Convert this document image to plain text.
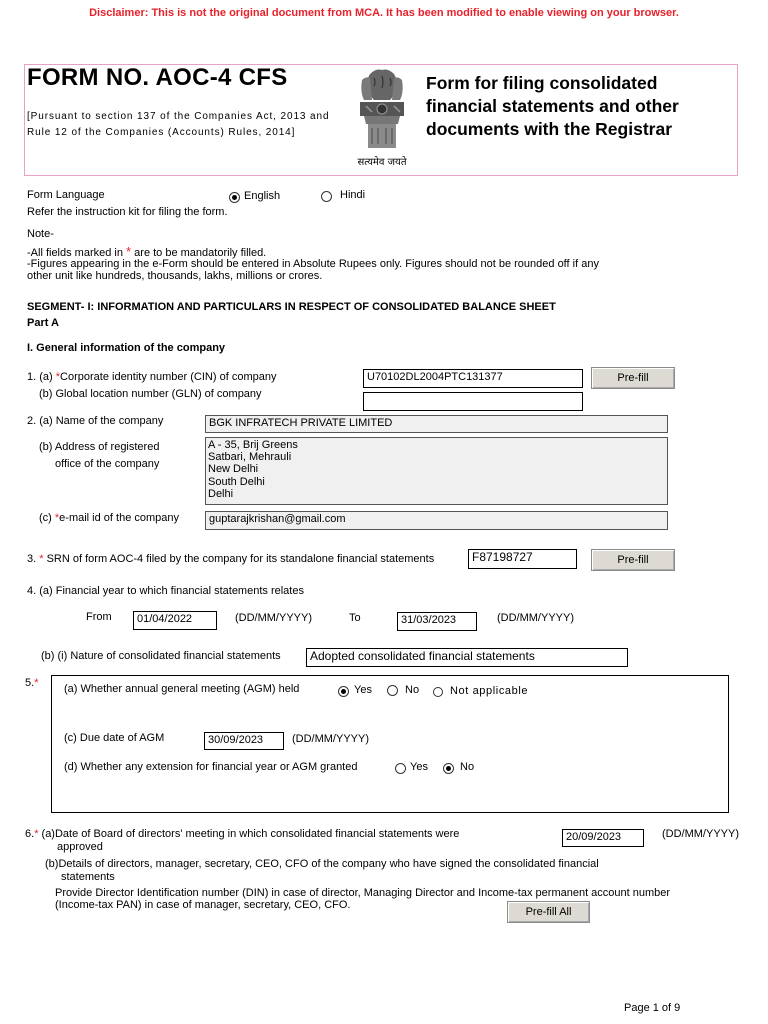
Disclaimer: This is not the original document from MCA. It has been modified to enable viewing on your browser.
FORM NO. AOC-4 CFS
[Pursuant to section 137 of the Companies Act, 2013 and
Rule 12 of the Companies (Accounts) Rules, 2014]
सत्यमेव जयते
Form for filing consolidated
financial statements and other
documents with the Registrar
Form Language	English	Hindi
Refer the instruction kit for filing the form.
Note-
-All fields marked in * are to be mandatorily filled.
-Figures appearing in the e-Form should be entered in Absolute Rupees only. Figures should not be rounded off if any
other unit like hundreds, thousands, lakhs, millions or crores.
SEGMENT- I: INFORMATION AND PARTICULARS IN RESPECT OF CONSOLIDATED BALANCE SHEET
Part A
I. General information of the company
1. (a) *Corporate identity number (CIN) of company	U70102DL2004PTC131377	Pre-fill
(b) Global location number (GLN) of company
2. (a) Name of the company	BGK INFRATECH PRIVATE LIMITED
(b) Address of registered
office of the company
A - 35, Brij Greens
Satbari, Mehrauli
New Delhi
South Delhi
Delhi
(c) *e-mail id of the company	guptarajkrishan@gmail.com
3. * SRN of form AOC-4 filed by the company for its standalone financial statements	F87198727	Pre-fill
4. (a) Financial year to which financial statements relates
From	01/04/2022	(DD/MM/YYYY)	To	31/03/2023	(DD/MM/YYYY)
(b) (i) Nature of consolidated financial statements	Adopted consolidated financial statements
5.* (a) Whether annual general meeting (AGM) held	Yes	No	Not applicable
(c) Due date of AGM	30/09/2023	(DD/MM/YYYY)
(d) Whether any extension for financial year or AGM granted	Yes	No
6.* (a)Date of Board of directors' meeting in which consolidated financial statements were
approved
20/09/2023	(DD/MM/YYYY)
(b)Details of directors, manager, secretary, CEO, CFO of the company who have signed the consolidated financial
statements
Provide Director Identification number (DIN) in case of director, Managing Director and Income-tax permanent account number
(Income-tax PAN) in case of manager, secretary, CEO, CFO.
Pre-fill All
Page 1 of 9
